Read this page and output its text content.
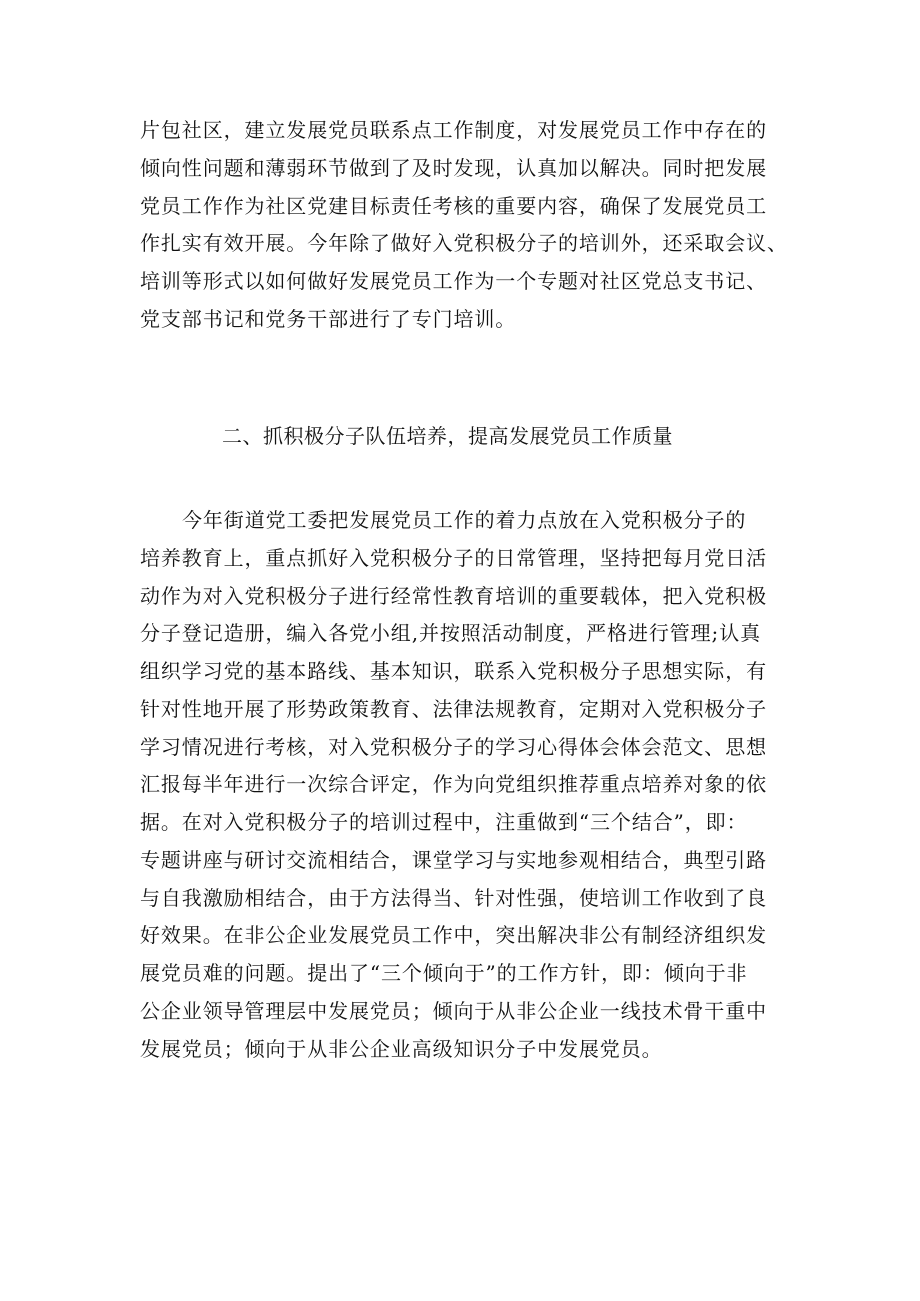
片包社区，建立发展党员联系点工作制度，对发展党员工作中存在的
倾向性问题和薄弱环节做到了及时发现，认真加以解决。同时把发展
党员工作作为社区党建目标责任考核的重要内容，确保了发展党员工
作扎实有效开展。今年除了做好入党积极分子的培训外，还采取会议、
培训等形式以如何做好发展党员工作为一个专题对社区党总支书记、
党支部书记和党务干部进行了专门培训。
二、抓积极分子队伍培养，提高发展党员工作质量
今年街道党工委把发展党员工作的着力点放在入党积极分子的
培养教育上，重点抓好入党积极分子的日常管理，坚持把每月党日活
动作为对入党积极分子进行经常性教育培训的重要载体，把入党积极
分子登记造册，编入各党小组,并按照活动制度，严格进行管理;认真
组织学习党的基本路线、基本知识，联系入党积极分子思想实际，有
针对性地开展了形势政策教育、法律法规教育，定期对入党积极分子
学习情况进行考核，对入党积极分子的学习心得体会体会范文、思想
汇报每半年进行一次综合评定，作为向党组织推荐重点培养对象的依
据。在对入党积极分子的培训过程中，注重做到“三个结合”，即：
专题讲座与研讨交流相结合，课堂学习与实地参观相结合，典型引路
与自我激励相结合，由于方法得当、针对性强，使培训工作收到了良
好效果。在非公企业发展党员工作中，突出解决非公有制经济组织发
展党员难的问题。提出了“三个倾向于”的工作方针，即：倾向于非
公企业领导管理层中发展党员；倾向于从非公企业一线技术骨干重中
发展党员；倾向于从非公企业高级知识分子中发展党员。
